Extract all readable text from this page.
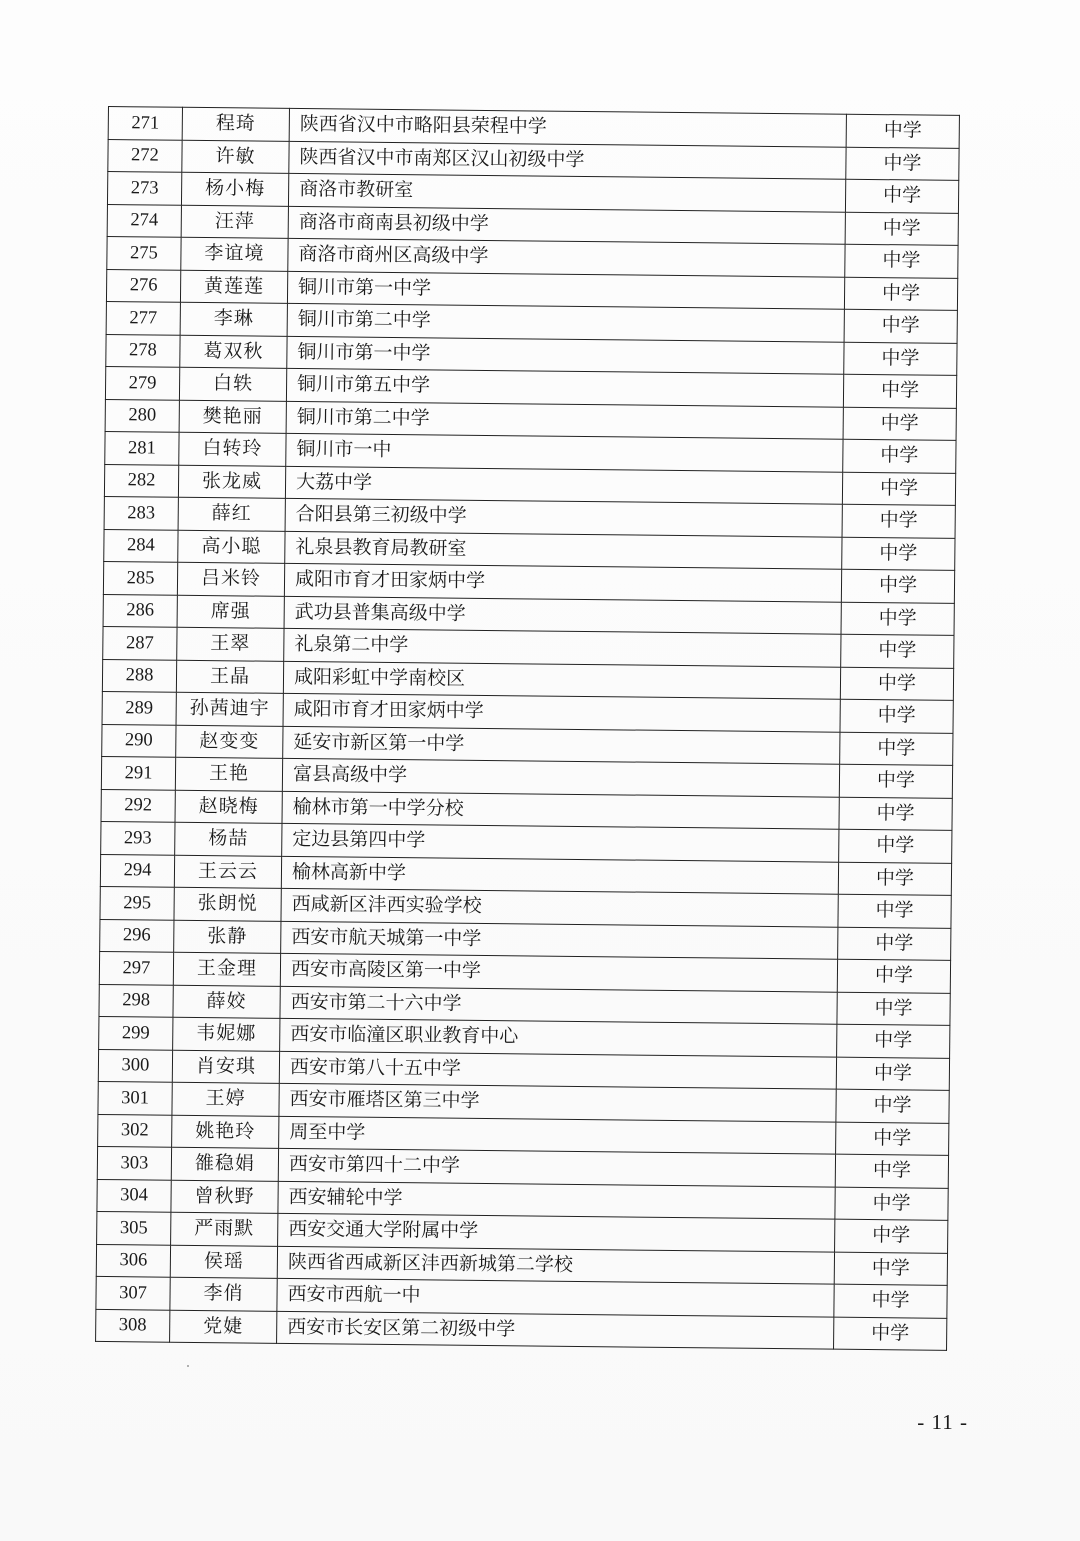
271	程琦	陕西省汉中市略阳县荣程中学	中学
272	许敏	陕西省汉中市南郑区汉山初级中学	中学
273	杨小梅	商洛市教研室	中学
274	汪萍	商洛市商南县初级中学	中学
275	李谊境	商洛市商州区高级中学	中学
276	黄莲莲	铜川市第一中学	中学
277	李琳	铜川市第二中学	中学
278	葛双秋	铜川市第一中学	中学
279	白轶	铜川市第五中学	中学
280	樊艳丽	铜川市第二中学	中学
281	白转玲	铜川市一中	中学
282	张龙威	大荔中学	中学
283	薛红	合阳县第三初级中学	中学
284	高小聪	礼泉县教育局教研室	中学
285	吕米铃	咸阳市育才田家炳中学	中学
286	席强	武功县普集高级中学	中学
287	王翠	礼泉第二中学	中学
288	王晶	咸阳彩虹中学南校区	中学
289	孙茜迪宇	咸阳市育才田家炳中学	中学
290	赵变变	延安市新区第一中学	中学
291	王艳	富县高级中学	中学
292	赵晓梅	榆林市第一中学分校	中学
293	杨喆	定边县第四中学	中学
294	王云云	榆林高新中学	中学
295	张朗悦	西咸新区沣西实验学校	中学
296	张静	西安市航天城第一中学	中学
297	王金理	西安市高陵区第一中学	中学
298	薛姣	西安市第二十六中学	中学
299	韦妮娜	西安市临潼区职业教育中心	中学
300	肖安琪	西安市第八十五中学	中学
301	王婷	西安市雁塔区第三中学	中学
302	姚艳玲	周至中学	中学
303	雒稳娟	西安市第四十二中学	中学
304	曾秋野	西安辅轮中学	中学
305	严雨默	西安交通大学附属中学	中学
306	侯瑶	陕西省西咸新区沣西新城第二学校	中学
307	李俏	西安市西航一中	中学
308	党婕	西安市长安区第二初级中学	中学
- 11 -
